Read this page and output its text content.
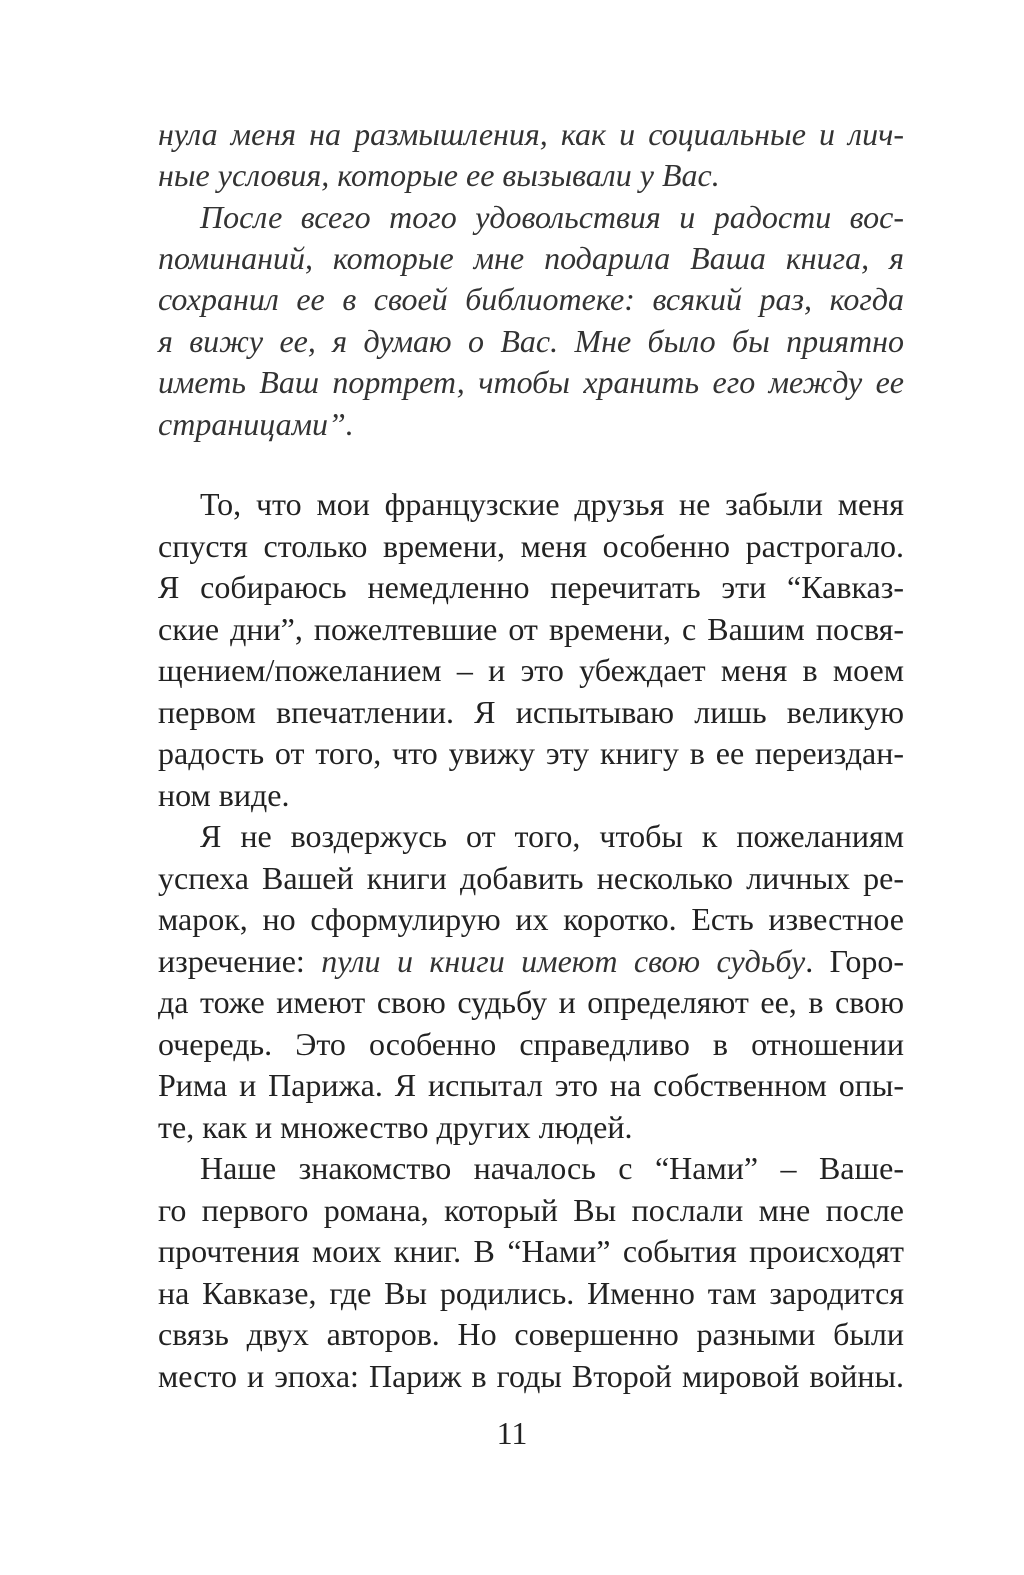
11
нула меня на размышления, как и социальные и лич-
ные условия, которые ее вызывали у Вас.
После всего того удовольствия и радости вос-
поминаний, которые мне подарила Ваша книга, я
сохранил ее в своей библиотеке: всякий раз, когда
я вижу ее, я думаю о Вас. Мне было бы приятно
иметь Ваш портрет, чтобы хранить его между ее
страницами”.
То, что мои французские друзья не забыли меня
спустя столько времени, меня особенно растрогало.
Я собираюсь немедленно перечитать эти “Кавказ-
ские дни”, пожелтевшие от времени, с Вашим посвя-
щением/пожеланием – и это убеждает меня в моем
первом впечатлении. Я испытываю лишь великую
радость от того, что увижу эту книгу в ее переиздан-
ном виде.
Я не воздержусь от того, чтобы к пожеланиям
успеха Вашей книги добавить несколько личных ре-
марок, но сформулирую их коротко. Есть известное
изречение: пули и книги имеют свою судьбу. Горо-
да тоже имеют свою судьбу и определяют ее, в свою
очередь. Это особенно справедливо в отношении
Рима и Парижа. Я испытал это на собственном опы-
те, как и множество других людей.
Наше знакомство началось с “Нами” – Ваше-
го первого романа, который Вы послали мне после
прочтения моих книг. В “Нами” события происходят
на Кавказе, где Вы родились. Именно там зародится
связь двух авторов. Но совершенно разными были
место и эпоха: Париж в годы Второй мировой войны.
